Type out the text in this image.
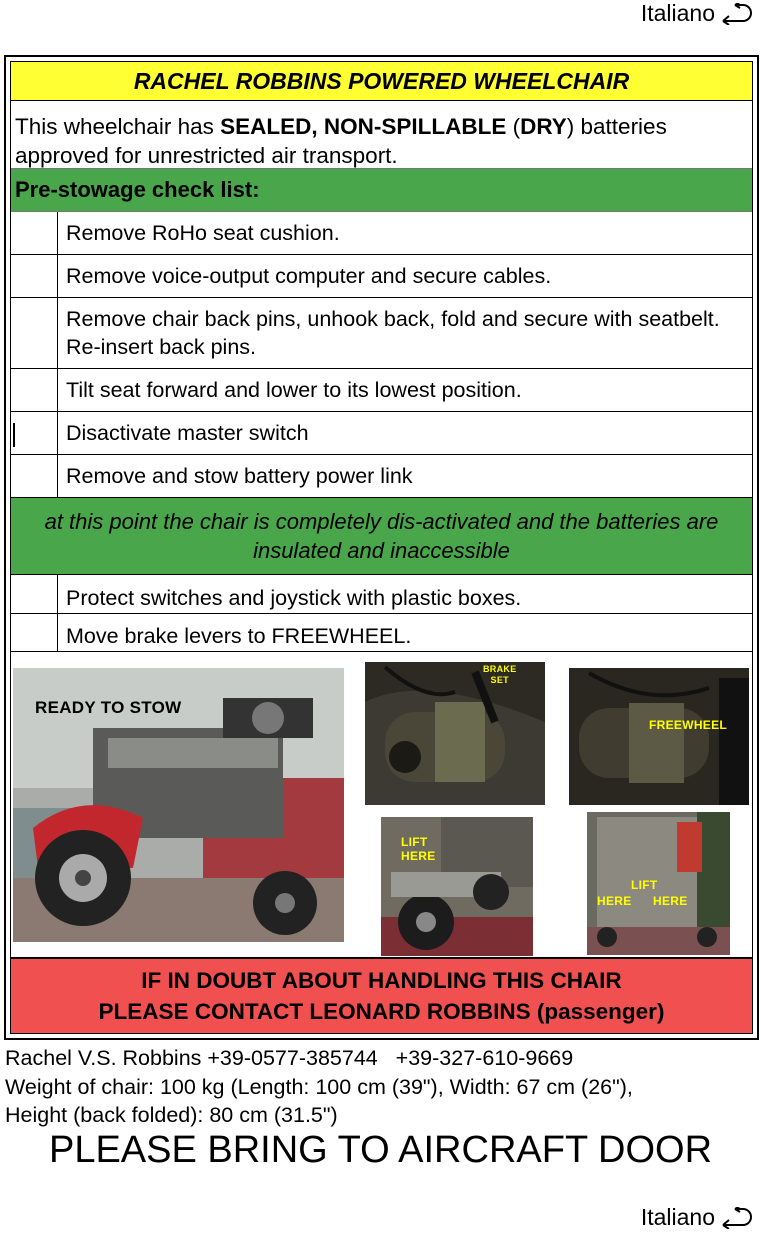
Italiano
RACHEL ROBBINS POWERED WHEELCHAIR
This wheelchair has SEALED, NON-SPILLABLE (DRY) batteries approved for unrestricted air transport.
Pre-stowage check list:
Remove RoHo seat cushion.
Remove voice-output computer and secure cables.
Remove chair back pins, unhook back, fold and secure with seatbelt. Re-insert back pins.
Tilt seat forward and lower to its lowest position.
Disactivate master switch
Remove and stow battery power link
at this point the chair is completely dis-activated and the batteries are insulated and inaccessible
Protect switches and joystick with plastic boxes.
Move brake levers to FREEWHEEL.
READY TO STOW
BRAKE
SET
FREEWHEEL
LIFT
HERE
LIFT
HERE HERE
IF IN DOUBT ABOUT HANDLING THIS CHAIR
PLEASE CONTACT LEONARD ROBBINS (passenger)
Rachel V.S. Robbins +39-0577-385744   +39-327-610-9669
Weight of chair: 100 kg (Length: 100 cm (39"), Width: 67 cm (26"),
Height (back folded): 80 cm (31.5")
PLEASE BRING TO AIRCRAFT DOOR
Italiano
